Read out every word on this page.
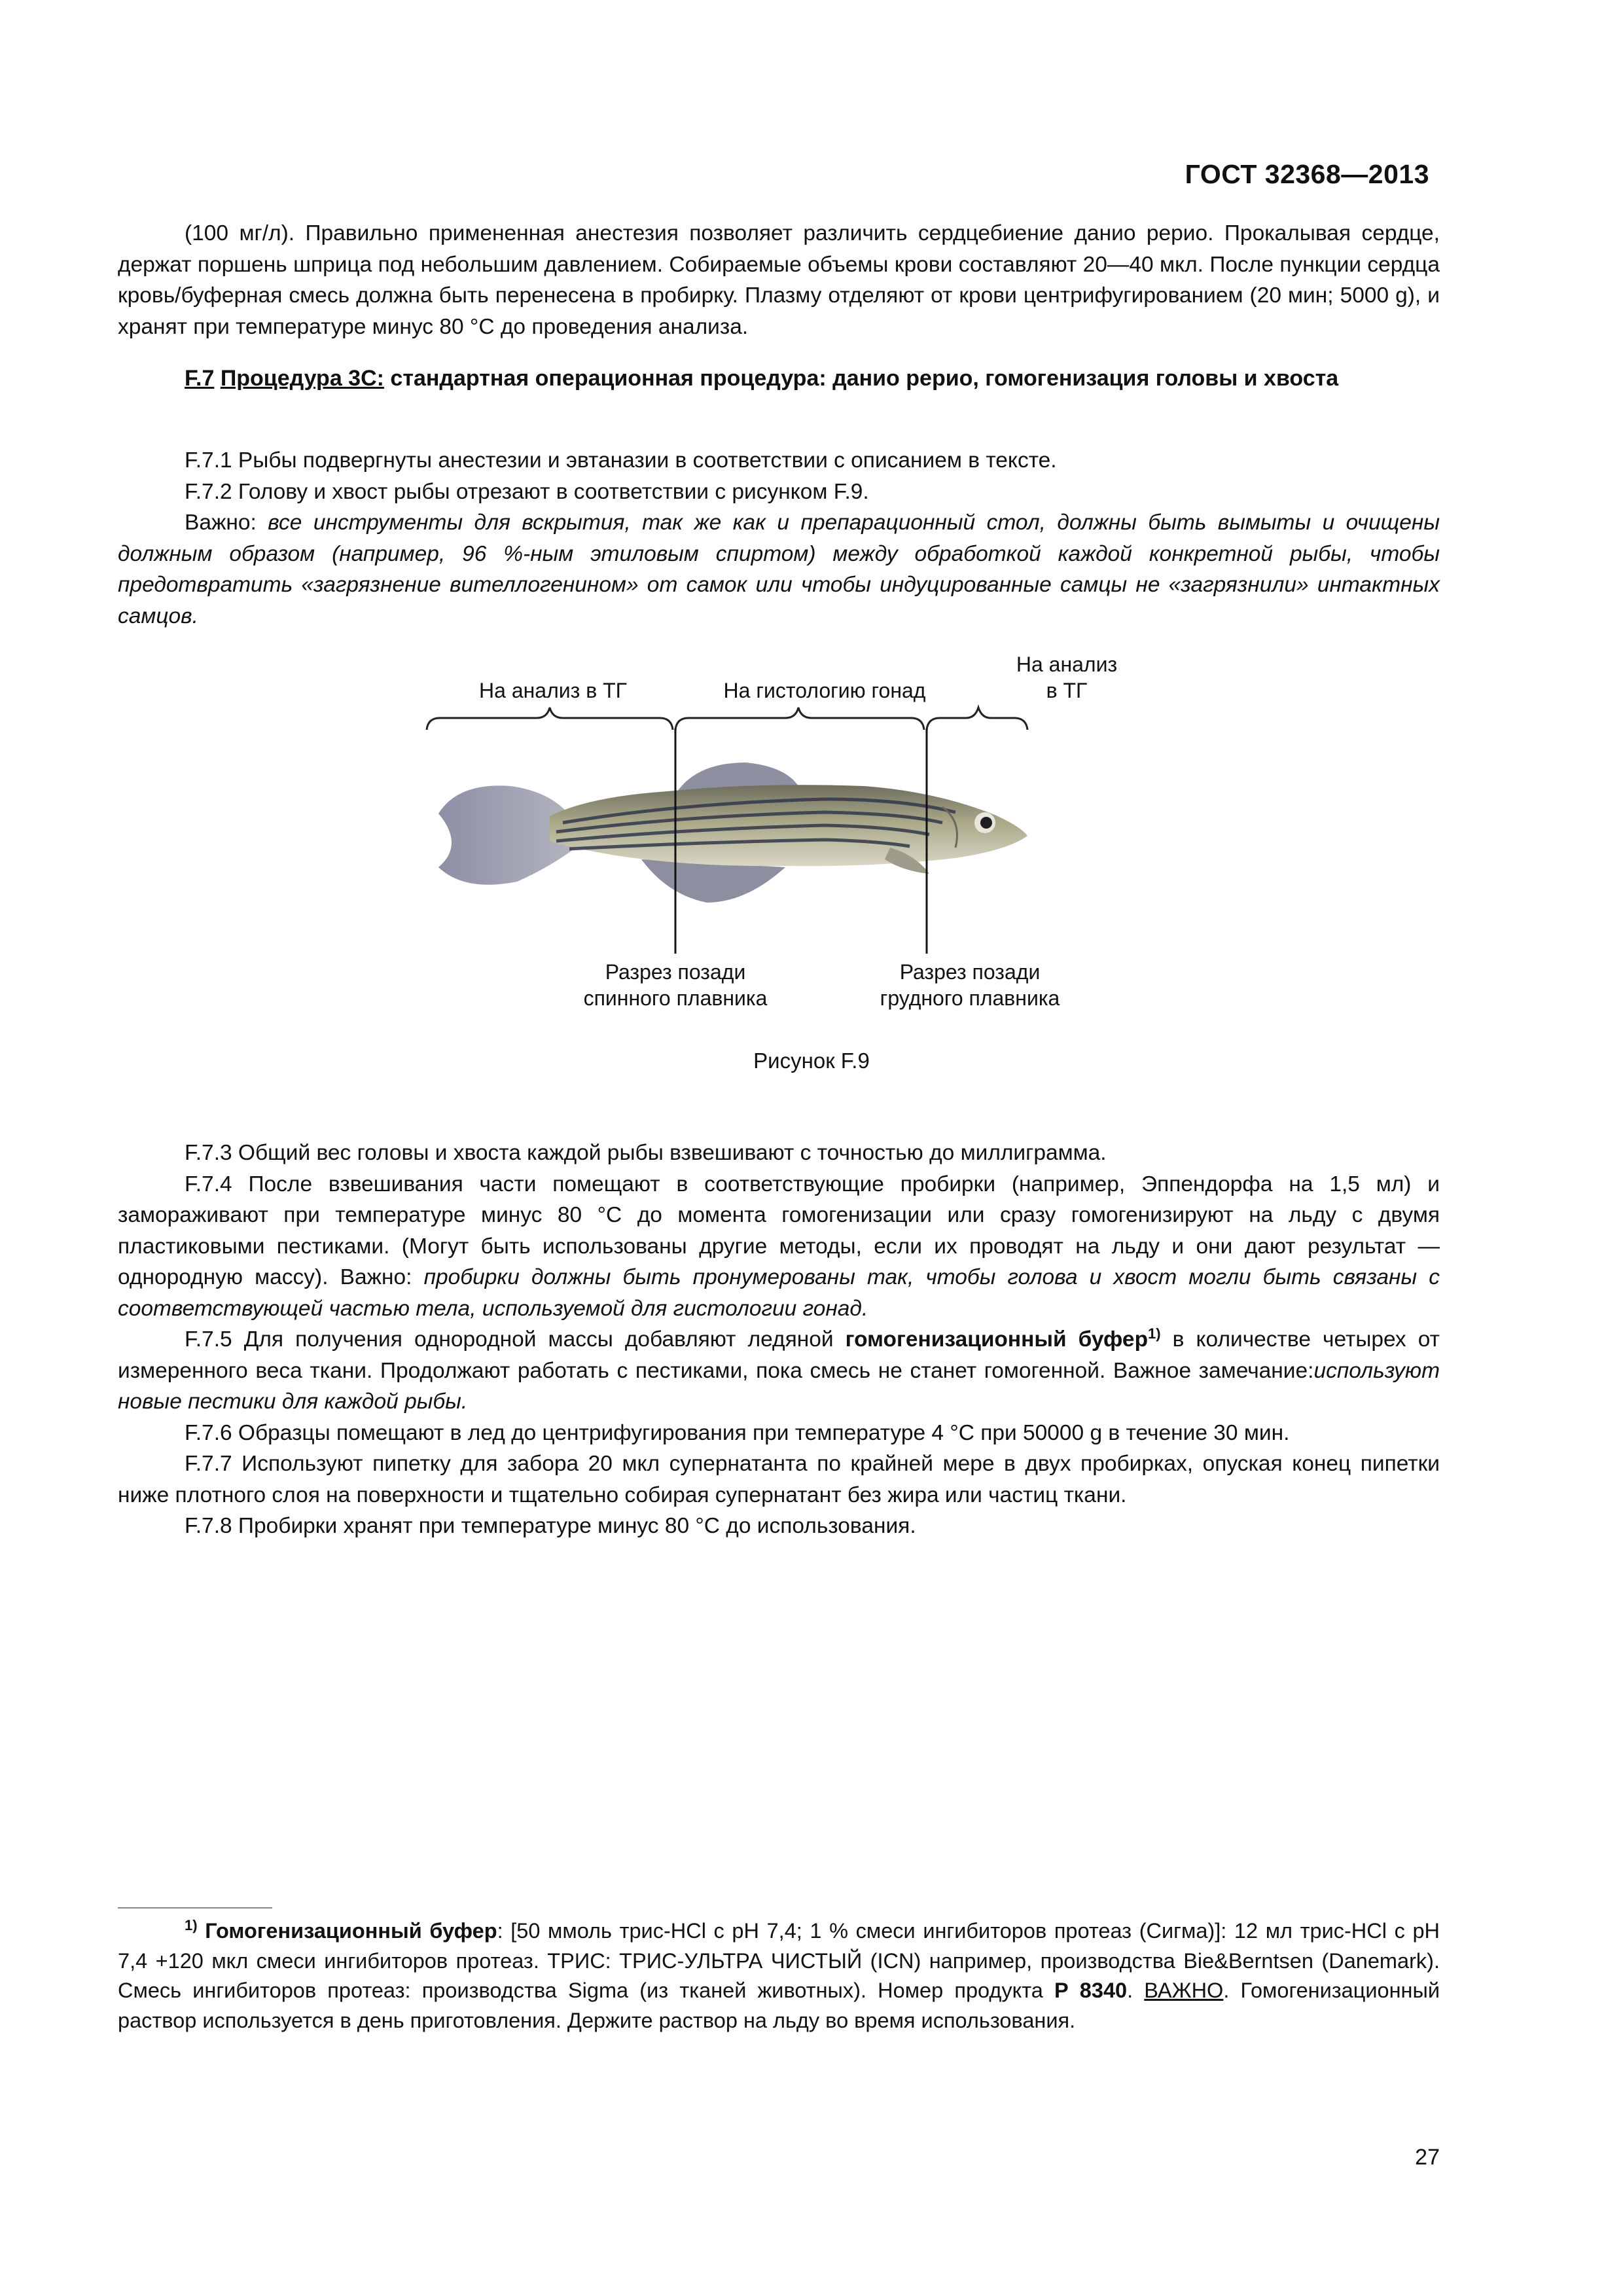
ГОСТ 32368—2013

(100 мг/л). Правильно примененная анестезия позволяет различить сердцебиение данио рерио. Прокалывая сердце, держат поршень шприца под небольшим давлением. Собираемые объемы крови составляют 20—40 мкл. После пункции сердца кровь/буферная смесь должна быть перенесена в пробирку. Плазму отделяют от крови центрифугированием (20 мин; 5000 g), и хранят при температуре минус 80 °С до проведения анализа.

F.7 Процедура 3С: стандартная операционная процедура: данио рерио, гомогенизация головы и хвоста

F.7.1 Рыбы подвергнуты анестезии и эвтаназии в соответствии с описанием в тексте.

F.7.2 Голову и хвост рыбы отрезают в соответствии с рисунком F.9.

Важно: все инструменты для вскрытия, так же как и препарационный стол, должны быть вымыты и очищены должным образом (например, 96 %-ным этиловым спиртом) между обработкой каждой конкретной рыбы, чтобы предотвратить «загрязнение вителлогенином» от самок или чтобы индуцированные самцы не «загрязнили» интактных самцов.

На анализ в ТГ	На гистологию гонад
На анализ
в ТГ
Разрез позади
спинного плавника
Разрез позади
грудного плавника
Рисунок F.9

F.7.3 Общий вес головы и хвоста каждой рыбы взвешивают с точностью до миллиграмма.

F.7.4 После взвешивания части помещают в соответствующие пробирки (например, Эппендорфа на 1,5 мл) и замораживают при температуре минус 80 °С до момента гомогенизации или сразу гомогенизируют на льду с двумя пластиковыми пестиками. (Могут быть использованы другие методы, если их проводят на льду и они дают результат — однородную массу). Важно: пробирки должны быть пронумерованы так, чтобы голова и хвост могли быть связаны с соответствующей частью тела, используемой для гистологии гонад.

F.7.5 Для получения однородной массы добавляют ледяной гомогенизационный буфер$^{1)}$ в количестве четырех от измеренного веса ткани. Продолжают работать с пестиками, пока смесь не станет гомогенной. Важное замечание:используют новые пестики для каждой рыбы.

F.7.6 Образцы помещают в лед до центрифугирования при температуре 4 °С при 50000 g в течение 30 мин.

F.7.7 Используют пипетку для забора 20 мкл супернатанта по крайней мере в двух пробирках, опуская конец пипетки ниже плотного слоя на поверхности и тщательно собирая супернатант без жира или частиц ткани.

F.7.8 Пробирки хранят при температуре минус 80 °С до использования.

$^{1)}$ Гомогенизационный буфер: [50 ммоль трис-HCl с pH 7,4; 1 % смеси ингибиторов протеаз (Сигма)]: 12 мл трис-HCl с pH 7,4 +120 мкл смеси ингибиторов протеаз. ТРИС: ТРИС-УЛЬТРА ЧИСТЫЙ (ICN) например, производства Bie&Berntsen (Danemark). Смесь ингибиторов протеаз: производства Sigma (из тканей животных). Номер продукта Р 8340. ВАЖНО. Гомогенизационный раствор используется в день приготовления. Держите раствор на льду во время использования.

27
